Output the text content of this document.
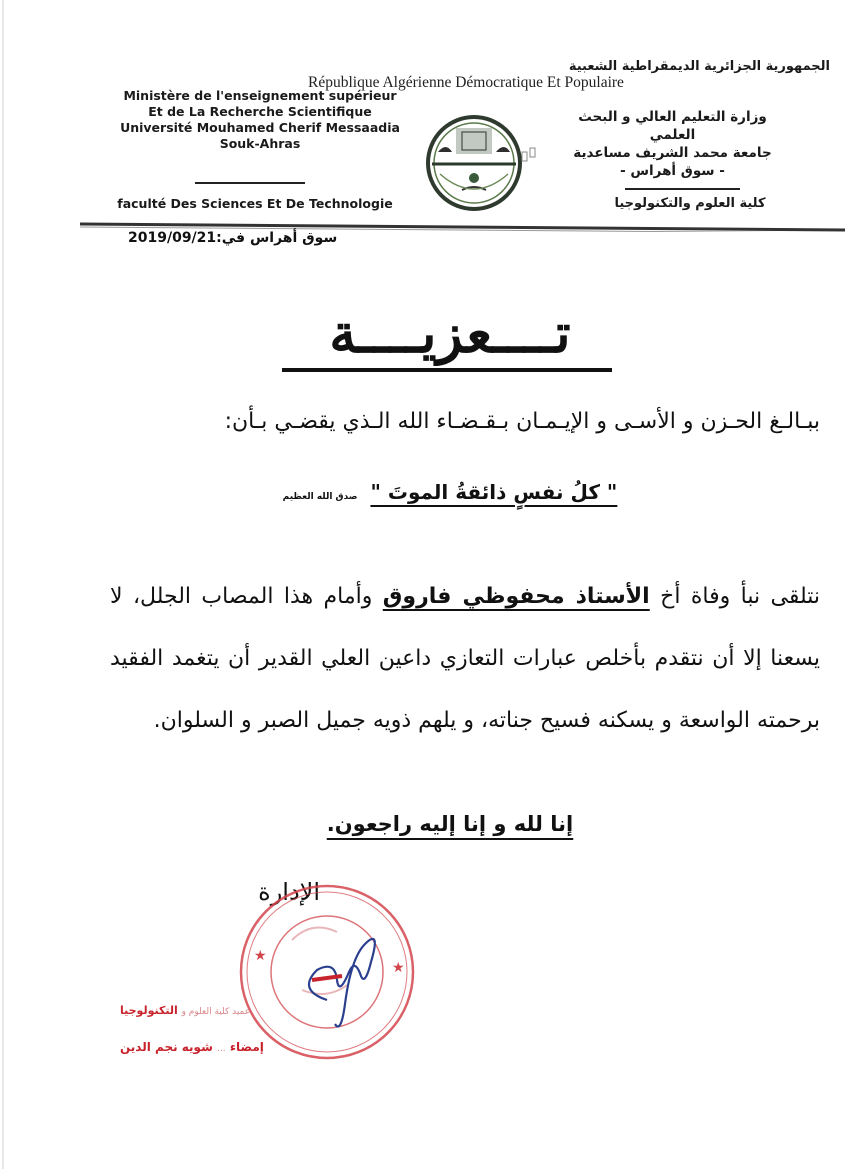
République Algérienne Démocratique Et Populaire
Ministère de l'enseignement supérieur
Et de La Recherche Scientifique
Université Mouhamed Cherif Messaadia
Souk-Ahras
faculté Des Sciences Et De Technologie
الجمهورية الجزائرية الديمقراطية الشعبية
وزارة التعليم العالي و البحث العلمي
جامعة محمد الشريف مساعدية
- سوق أهراس -
كلية العلوم والتكنولوجيا
سوق أهراس في:2019/09/21
تــــعزيــــة
ببـالـغ الحـزن و الأسـى و الإيـمـان بـقـضـاء الله الـذي يقضـي بـأن:
" كلُ نفسٍ ذائقةُ الموتَ " صدق الله العظيم
نتلقى نبأ وفاة أخ الأستاذ محفوظي فاروق وأمام هذا المصاب الجلل، لا يسعنا إلا أن نتقدم بأخلص عبارات التعازي داعين العلي القدير أن يتغمد الفقيد برحمته الواسعة و يسكنه فسيح جناته، و يلهم ذويه جميل الصبر و السلوان.
إنا لله و إنا إليه راجعون.
الإدارة
★
★
عميد كلية العلوم و التكنولوجيا
إمضاء ... شويه نجم الدين
